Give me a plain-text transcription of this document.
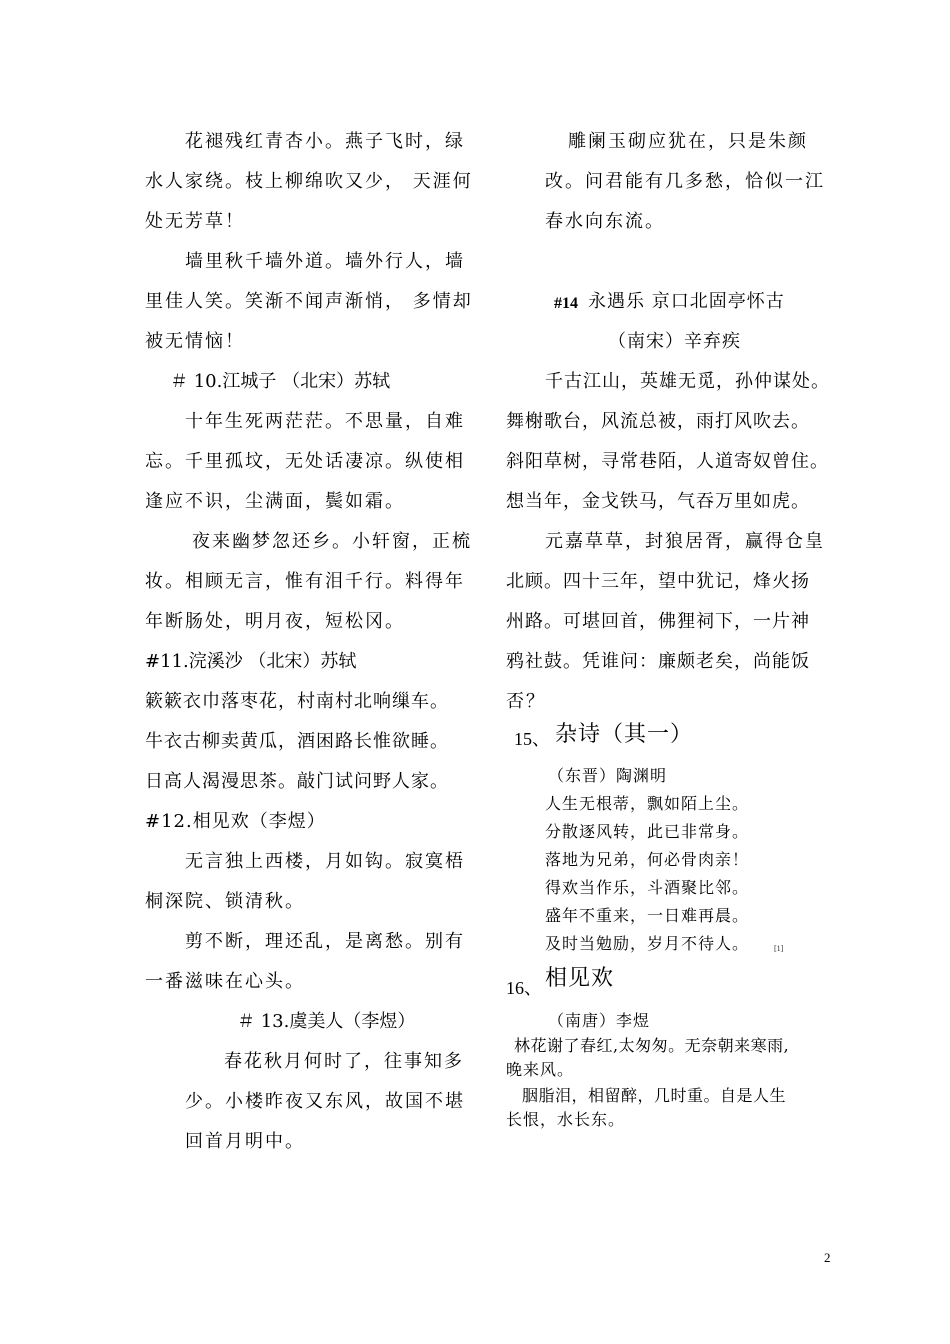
花褪残红青杏小。燕子飞时，绿
水人家绕。枝上柳绵吹又少， 天涯何
处无芳草！
墙里秋千墙外道。墙外行人，墙
里佳人笑。笑渐不闻声渐悄， 多情却
被无情恼！
＃ 10.江城子 （北宋）苏轼
十年生死两茫茫。不思量，自难
忘。千里孤坟，无处话凄凉。纵使相
逢应不识，尘满面，鬓如霜。
夜来幽梦忽还乡。小轩窗，正梳
妆。相顾无言，惟有泪千行。料得年
年断肠处，明月夜，短松冈。
#11.浣溪沙 （北宋）苏轼
簌簌衣巾落枣花，村南村北响缫车。
牛衣古柳卖黄瓜，酒困路长惟欲睡。
日高人渴漫思茶。敲门试问野人家。
#12.相见欢（李煜）
无言独上西楼，月如钩。寂寞梧
桐深院、锁清秋。
剪不断，理还乱，是离愁。别有
一番滋味在心头。
＃ 13.虞美人（李煜）
春花秋月何时了，往事知多
少。小楼昨夜又东风，故国不堪
回首月明中。
雕阑玉砌应犹在，只是朱颜
改。问君能有几多愁，恰似一江
春水向东流。
#14 永遇乐 京口北固亭怀古
（南宋）辛弃疾
千古江山，英雄无觅，孙仲谋处。
舞榭歌台，风流总被，雨打风吹去。
斜阳草树，寻常巷陌，人道寄奴曾住。
想当年，金戈铁马，气吞万里如虎。
元嘉草草，封狼居胥，赢得仓皇
北顾。四十三年，望中犹记，烽火扬
州路。可堪回首，佛狸祠下，一片神
鸦社鼓。凭谁问：廉颇老矣，尚能饭
否？
15、 杂诗（其一）
（东晋）陶渊明
人生无根蒂，飘如陌上尘。
分散逐风转，此已非常身。
落地为兄弟，何必骨肉亲！
得欢当作乐，斗酒聚比邻。
盛年不重来，一日难再晨。
及时当勉励，岁月不待人。	[1]
16、 相见欢
（南唐）李煜
林花谢了春红,太匆匆。无奈朝来寒雨,
晚来风。
胭脂泪，相留醉，几时重。自是人生
长恨，水长东。
2
